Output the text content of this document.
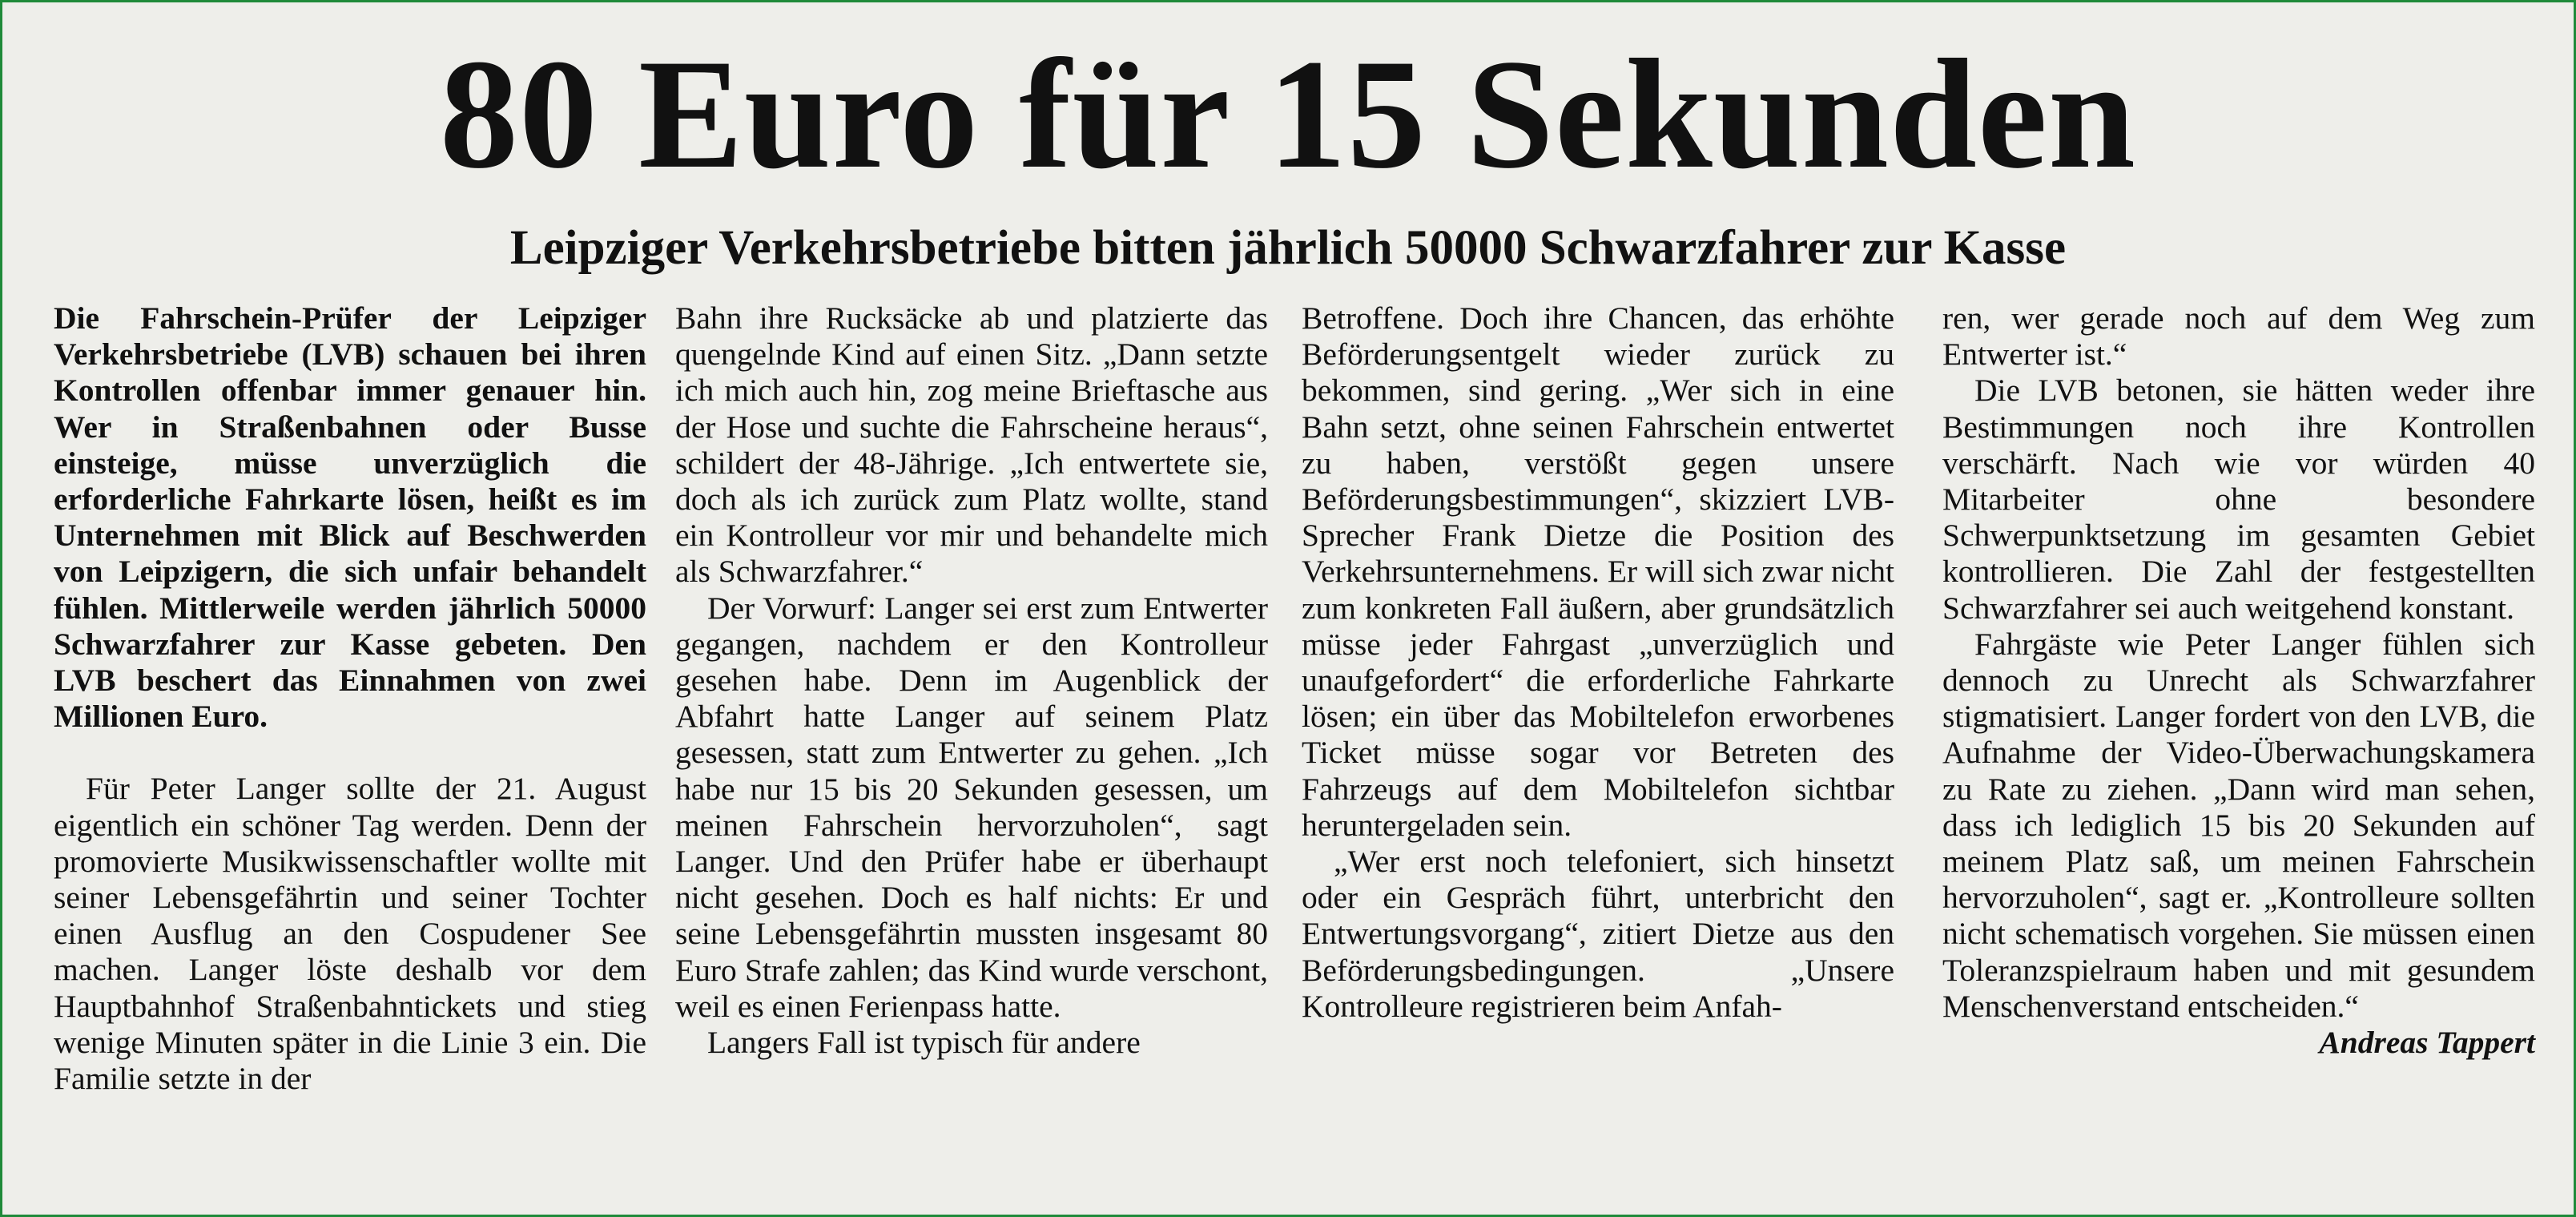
80 Euro für 15 Sekunden
Leipziger Verkehrsbetriebe bitten jährlich 50000 Schwarzfahrer zur Kasse

Die Fahrschein-Prüfer der Leipziger Verkehrsbetriebe (LVB) schauen bei ihren Kontrollen offenbar immer genauer hin. Wer in Straßenbahnen oder Busse einsteige, müsse unverzüglich die erforderliche Fahrkarte lösen, heißt es im Unternehmen mit Blick auf Beschwerden von Leipzigern, die sich unfair behandelt fühlen. Mittlerweile werden jährlich 50000 Schwarzfahrer zur Kasse gebeten. Den LVB beschert das Einnahmen von zwei Millionen Euro.

Für Peter Langer sollte der 21. August eigentlich ein schöner Tag werden. Denn der promovierte Musikwissenschaftler wollte mit seiner Lebensgefährtin und seiner Tochter einen Ausflug an den Cospudener See machen. Langer löste deshalb vor dem Hauptbahnhof Straßenbahntickets und stieg wenige Minuten später in die Linie 3 ein. Die Familie setzte in der

Bahn ihre Rucksäcke ab und platzierte das quengelnde Kind auf einen Sitz. „Dann setzte ich mich auch hin, zog meine Brieftasche aus der Hose und suchte die Fahrscheine heraus“, schildert der 48-Jährige. „Ich entwertete sie, doch als ich zurück zum Platz wollte, stand ein Kontrolleur vor mir und behandelte mich als Schwarzfahrer.“

Der Vorwurf: Langer sei erst zum Entwerter gegangen, nachdem er den Kontrolleur gesehen habe. Denn im Augenblick der Abfahrt hatte Langer auf seinem Platz gesessen, statt zum Entwerter zu gehen. „Ich habe nur 15 bis 20 Sekunden gesessen, um meinen Fahrschein hervorzuholen“, sagt Langer. Und den Prüfer habe er überhaupt nicht gesehen. Doch es half nichts: Er und seine Lebensgefährtin mussten insgesamt 80 Euro Strafe zahlen; das Kind wurde verschont, weil es einen Ferienpass hatte.

Langers Fall ist typisch für andere

Betroffene. Doch ihre Chancen, das erhöhte Beförderungsentgelt wieder zurück zu bekommen, sind gering. „Wer sich in eine Bahn setzt, ohne seinen Fahrschein entwertet zu haben, verstößt gegen unsere Beförderungsbestimmungen“, skizziert LVB-Sprecher Frank Dietze die Position des Verkehrsunternehmens. Er will sich zwar nicht zum konkreten Fall äußern, aber grundsätzlich müsse jeder Fahrgast „unverzüglich und unaufgefordert“ die erforderliche Fahrkarte lösen; ein über das Mobiltelefon erworbenes Ticket müsse sogar vor Betreten des Fahrzeugs auf dem Mobiltelefon sichtbar heruntergeladen sein.

„Wer erst noch telefoniert, sich hinsetzt oder ein Gespräch führt, unterbricht den Entwertungsvorgang“, zitiert Dietze aus den Beförderungsbedingungen. „Unsere Kontrolleure registrieren beim Anfah-

ren, wer gerade noch auf dem Weg zum Entwerter ist.“

Die LVB betonen, sie hätten weder ihre Bestimmungen noch ihre Kontrollen verschärft. Nach wie vor würden 40 Mitarbeiter ohne besondere Schwerpunktsetzung im gesamten Gebiet kontrollieren. Die Zahl der festgestellten Schwarzfahrer sei auch weitgehend konstant.

Fahrgäste wie Peter Langer fühlen sich dennoch zu Unrecht als Schwarzfahrer stigmatisiert. Langer fordert von den LVB, die Aufnahme der Video-Überwachungskamera zu Rate zu ziehen. „Dann wird man sehen, dass ich lediglich 15 bis 20 Sekunden auf meinem Platz saß, um meinen Fahrschein hervorzuholen“, sagt er. „Kontrolleure sollten nicht schematisch vorgehen. Sie müssen einen Toleranzspielraum haben und mit gesundem Menschenverstand entscheiden.“

Andreas Tappert
